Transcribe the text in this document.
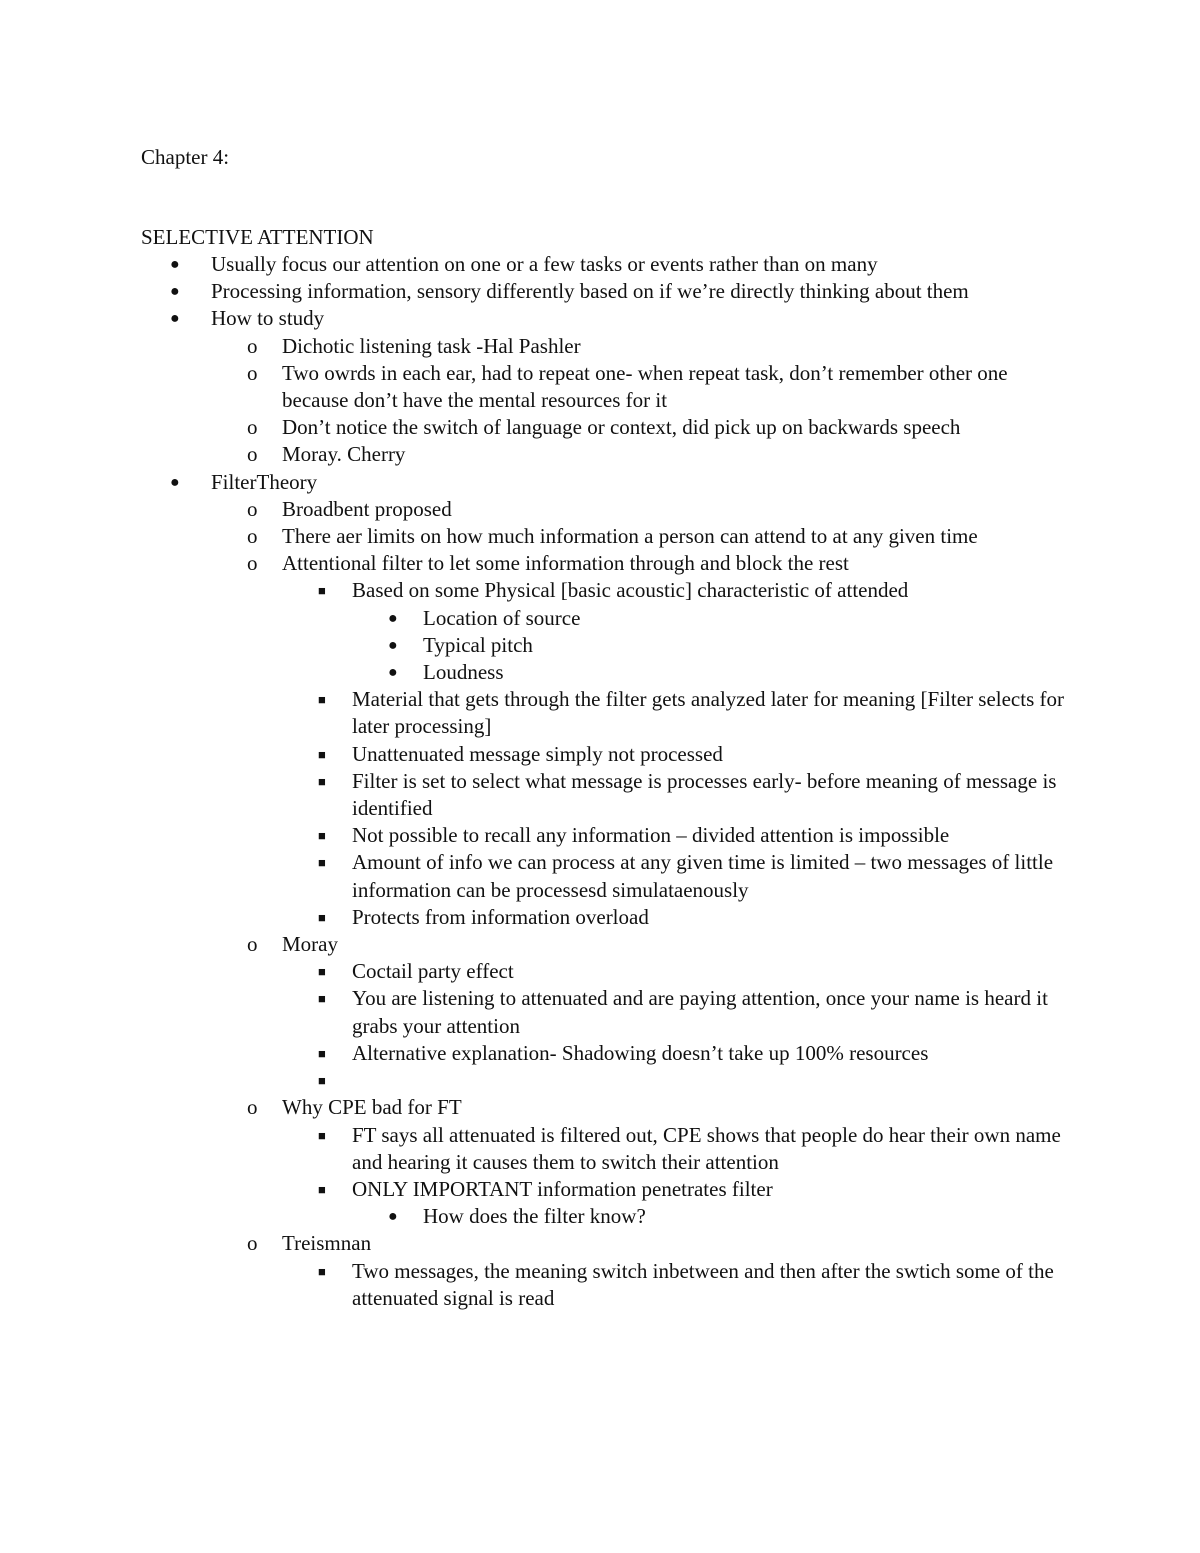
Chapter 4:

SELECTIVE ATTENTION

● Usually focus our attention on one or a few tasks or events rather than on many
● Processing information, sensory differently based on if we’re directly thinking about them
● How to study
o Dichotic listening task -Hal Pashler
o Two owrds in each ear, had to repeat one- when repeat task, don’t remember other one because don’t have the mental resources for it
o Don’t notice the switch of language or context, did pick up on backwards speech
o Moray. Cherry
● FilterTheory
o Broadbent proposed
o There aer limits on how much information a person can attend to at any given time
o Attentional filter to let some information through and block the rest
■ Based on some Physical [basic acoustic] characteristic of attended
● Location of source
● Typical pitch
● Loudness
■ Material that gets through the filter gets analyzed later for meaning [Filter selects for later processing]
■ Unattenuated message simply not processed
■ Filter is set to select what message is processes early- before meaning of message is identified
■ Not possible to recall any information – divided attention is impossible
■ Amount of info we can process at any given time is limited – two messages of little information can be processesd simulataenously
■ Protects from information overload
o Moray
■ Coctail party effect
■ You are listening to attenuated and are paying attention, once your name is heard it grabs your attention
■ Alternative explanation- Shadowing doesn’t take up 100% resources
■

o Why CPE bad for FT
■ FT says all attenuated is filtered out, CPE shows that people do hear their own name and hearing it causes them to switch their attention
■ ONLY IMPORTANT information penetrates filter
● How does the filter know?
o Treismnan
■ Two messages, the meaning switch inbetween and then after the swtich some of the attenuated signal is read
